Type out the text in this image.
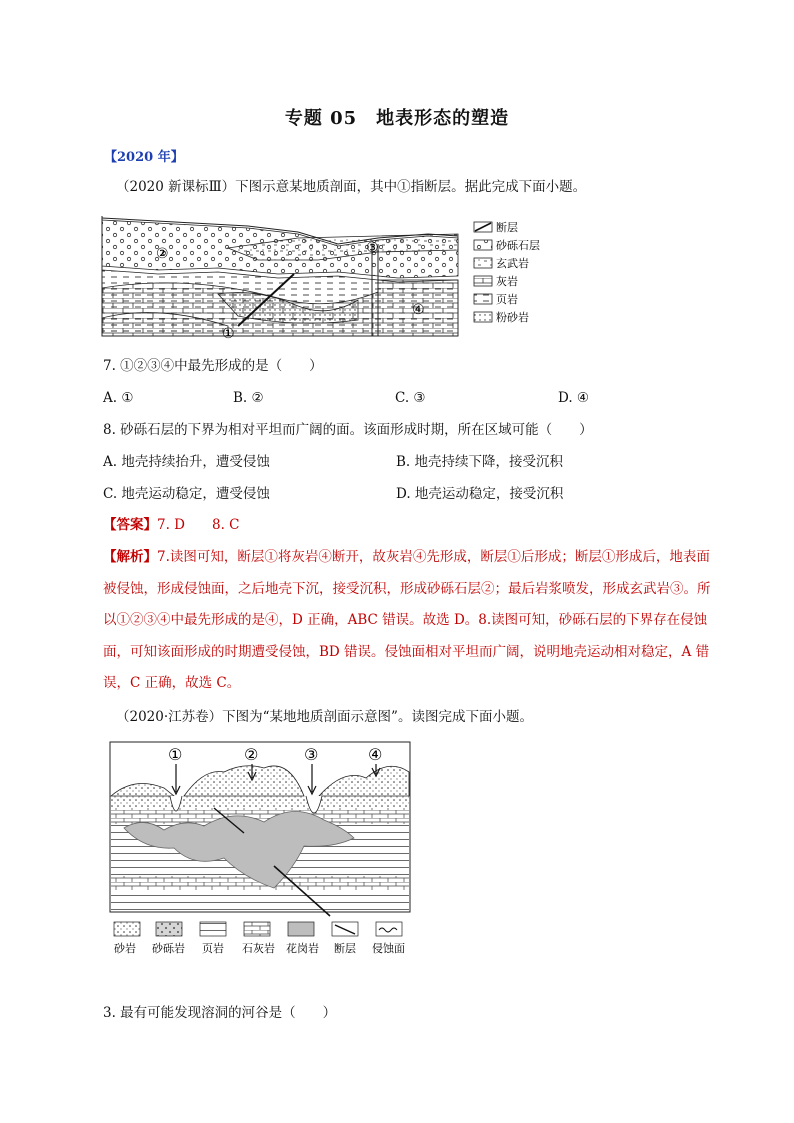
专题 05　地表形态的塑造
【2020 年】
（2020 新课标Ⅲ）下图示意某地质剖面，其中①指断层。据此完成下面小题。
②	③
①
④
断层
砂砾石层
玄武岩
灰岩
页岩
粉砂岩
7. ①②③④中最先形成的是（　　）
A. ①	B. ②	C. ③	D. ④
8. 砂砾石层的下界为相对平坦而广阔的面。该面形成时期，所在区域可能（　　）
A. 地壳持续抬升，遭受侵蚀	B. 地壳持续下降，接受沉积
C. 地壳运动稳定，遭受侵蚀	D. 地壳运动稳定，接受沉积
【答案】7. D　　8. C
【解析】7.读图可知，断层①将灰岩④断开，故灰岩④先形成，断层①后形成；断层①形成后，地表面被侵蚀，形成侵蚀面，之后地壳下沉，接受沉积，形成砂砾石层②；最后岩浆喷发，形成玄武岩③。所以①②③④中最先形成的是④，D 正确，ABC 错误。故选 D。8.读图可知，砂砾石层的下界存在侵蚀面，可知该面形成的时期遭受侵蚀，BD 错误。侵蚀面相对平坦而广阔，说明地壳运动相对稳定，A 错误，C 正确，故选 C。
（2020·江苏卷）下图为“某地地质剖面示意图”。读图完成下面小题。
①	②	③	④
砂岩 砂砾岩 页岩 石灰岩 花岗岩 断层 侵蚀面
3. 最有可能发现溶洞的河谷是（　　）
